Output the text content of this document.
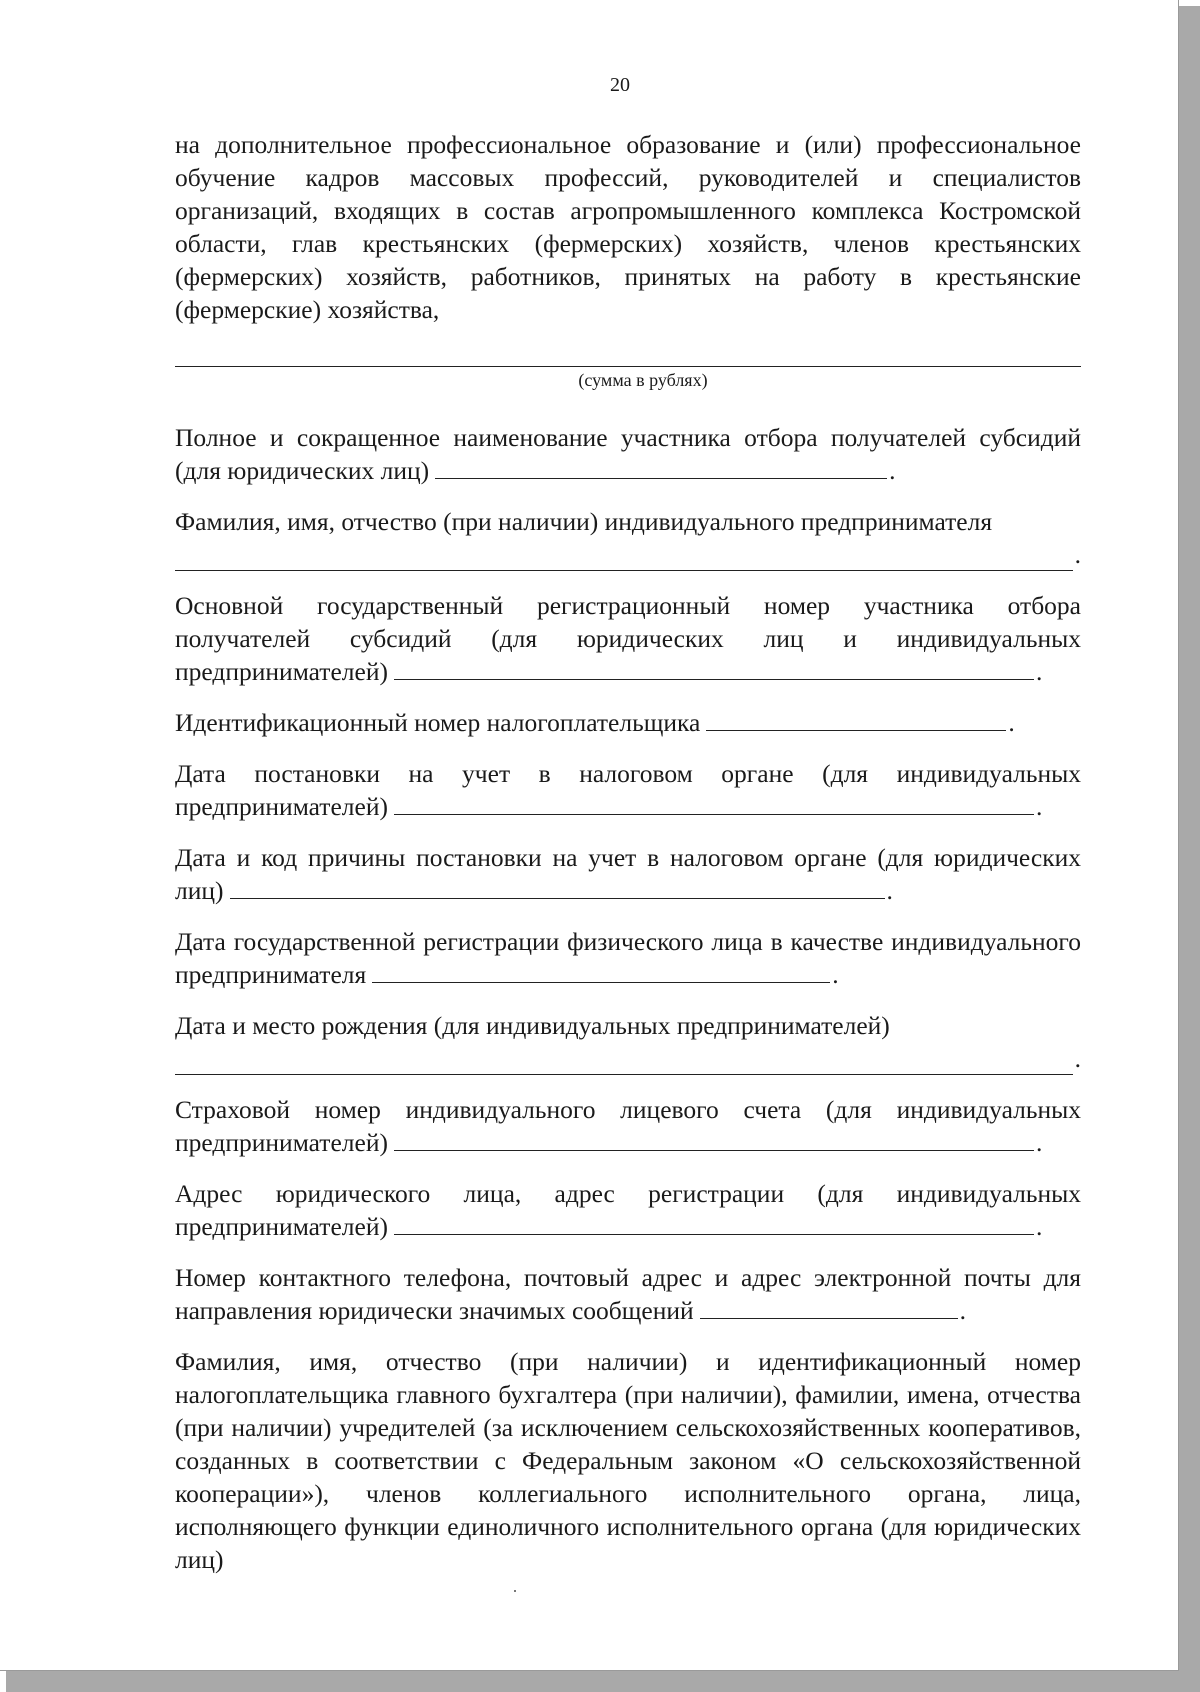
20

на дополнительное профессиональное образование и (или) профессиональное обучение кадров массовых профессий, руководителей и специалистов организаций, входящих в состав агропромышленного комплекса Костромской области, глав крестьянских (фермерских) хозяйств, членов крестьянских (фермерских) хозяйств, работников, принятых на работу в крестьянские (фермерские) хозяйства,

(сумма в рублях)

Полное и сокращенное наименование участника отбора получателей субсидий (для юридических лиц)	.

Фамилия, имя, отчество (при наличии) индивидуального предпринимателя

.

Основной государственный регистрационный номер участника отбора получателей субсидий (для юридических лиц и индивидуальных предпринимателей)	.

Идентификационный номер налогоплательщика	.

Дата постановки на учет в налоговом органе (для индивидуальных предпринимателей)	.

Дата и код причины постановки на учет в налоговом органе (для юридических лиц)	.

Дата государственной регистрации физического лица в качестве индивидуального предпринимателя	.

Дата и место рождения (для индивидуальных предпринимателей)

.

Страховой номер индивидуального лицевого счета (для индивидуальных предпринимателей)	.

Адрес юридического лица, адрес регистрации (для индивидуальных предпринимателей)	.

Номер контактного телефона, почтовый адрес и адрес электронной почты для направления юридически значимых сообщений	.

Фамилия, имя, отчество (при наличии) и идентификационный номер налогоплательщика главного бухгалтера (при наличии), фамилии, имена, отчества (при наличии) учредителей (за исключением сельскохозяйственных кооперативов, созданных в соответствии с Федеральным законом «О сельскохозяйственной кооперации»), членов коллегиального исполнительного органа, лица, исполняющего функции единоличного исполнительного органа (для юридических лиц)
